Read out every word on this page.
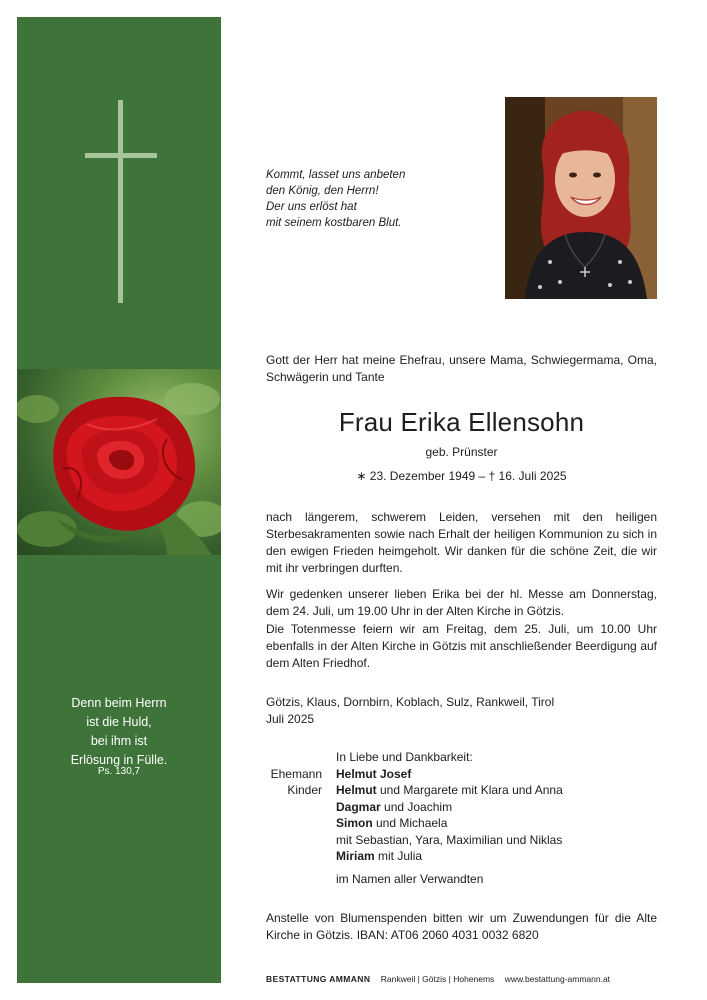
Denn beim Herrn
ist die Huld,
bei ihm ist
Erlösung in Fülle.
Ps. 130,7
Kommt, lasset uns anbeten
den König, den Herrn!
Der uns erlöst hat
mit seinem kostbaren Blut.
Gott der Herr hat meine Ehefrau, unsere Mama, Schwiegermama, Oma, Schwägerin und Tante
Frau Erika Ellensohn
geb. Prünster
∗ 23. Dezember 1949 – † 16. Juli 2025
nach längerem, schwerem Leiden, versehen mit den heiligen Sterbesakramenten sowie nach Erhalt der heiligen Kommunion zu sich in den ewigen Frieden heimgeholt. Wir danken für die schöne Zeit, die wir mit ihr verbringen durften.
Wir gedenken unserer lieben Erika bei der hl. Messe am Donnerstag, dem 24. Juli, um 19.00 Uhr in der Alten Kirche in Götzis.
Die Totenmesse feiern wir am Freitag, dem 25. Juli, um 10.00 Uhr ebenfalls in der Alten Kirche in Götzis mit anschließender Beerdigung auf dem Alten Friedhof.
Götzis, Klaus, Dornbirn, Koblach, Sulz, Rankweil, Tirol
Juli 2025
In Liebe und Dankbarkeit:
Ehemann	Helmut Josef
Kinder	Helmut und Margarete mit Klara und Anna
Dagmar und Joachim
Simon und Michaela
mit Sebastian, Yara, Maximilian und Niklas
Miriam mit Julia
im Namen aller Verwandten
Anstelle von Blumenspenden bitten wir um Zuwendungen für die Alte Kirche in Götzis. IBAN: AT06 2060 4031 0032 6820
BESTATTUNG AMMANN Rankweil | Götzis | Hohenems www.bestattung-ammann.at
